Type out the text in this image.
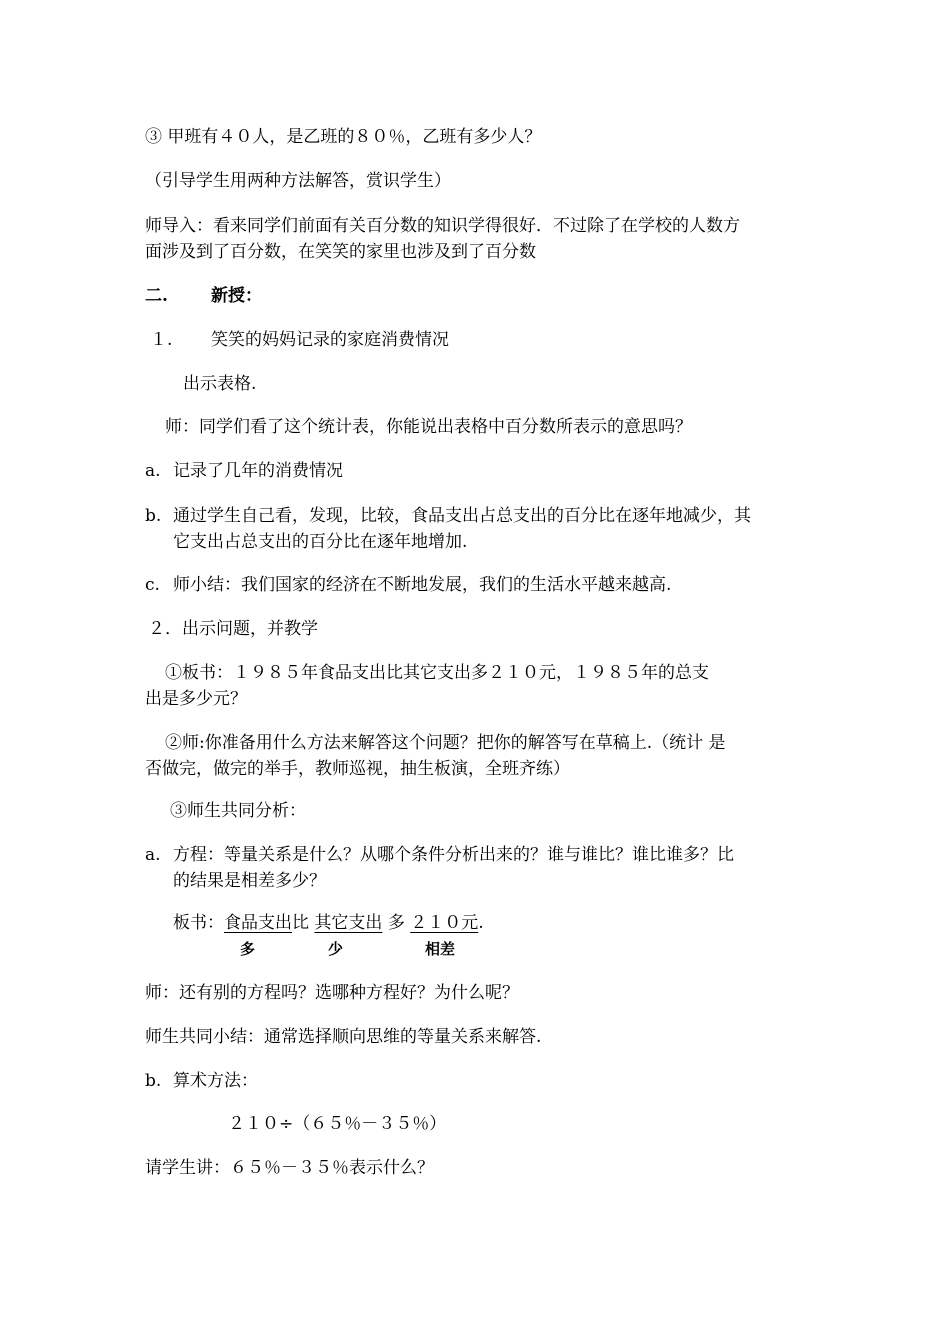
③ 甲班有４０人，是乙班的８０％，乙班有多少人？
（引导学生用两种方法解答，赏识学生）
师导入：看来同学们前面有关百分数的知识学得很好．不过除了在学校的人数方
面涉及到了百分数，在笑笑的家里也涉及到了百分数
二.	新授：
１. 笑笑的妈妈记录的家庭消费情况
出示表格.
师：同学们看了这个统计表，你能说出表格中百分数所表示的意思吗？
a. 记录了几年的消费情况
b. 通过学生自己看，发现，比较，食品支出占总支出的百分比在逐年地减少，其
它支出占总支出的百分比在逐年地增加.
c. 师小结：我们国家的经济在不断地发展，我们的生活水平越来越高.
２．出示问题，并教学
①板书：１９８５年食品支出比其它支出多２１０元，１９８５年的总支
出是多少元？
②师:你准备用什么方法来解答这个问题？把你的解答写在草稿上.（统计 是
否做完，做完的举手，教师巡视，抽生板演，全班齐练）
③师生共同分析：
a. 方程：等量关系是什么？从哪个条件分析出来的？谁与谁比？谁比谁多？比
的结果是相差多少？
板书：食品支出比 其它支出 多 ２１０元.
多	少	相差
师：还有别的方程吗？选哪种方程好？为什么呢？
师生共同小结：通常选择顺向思维的等量关系来解答.
b. 算术方法：
２１０÷（６５％－３５％）
请学生讲：６５％－３５％表示什么？
